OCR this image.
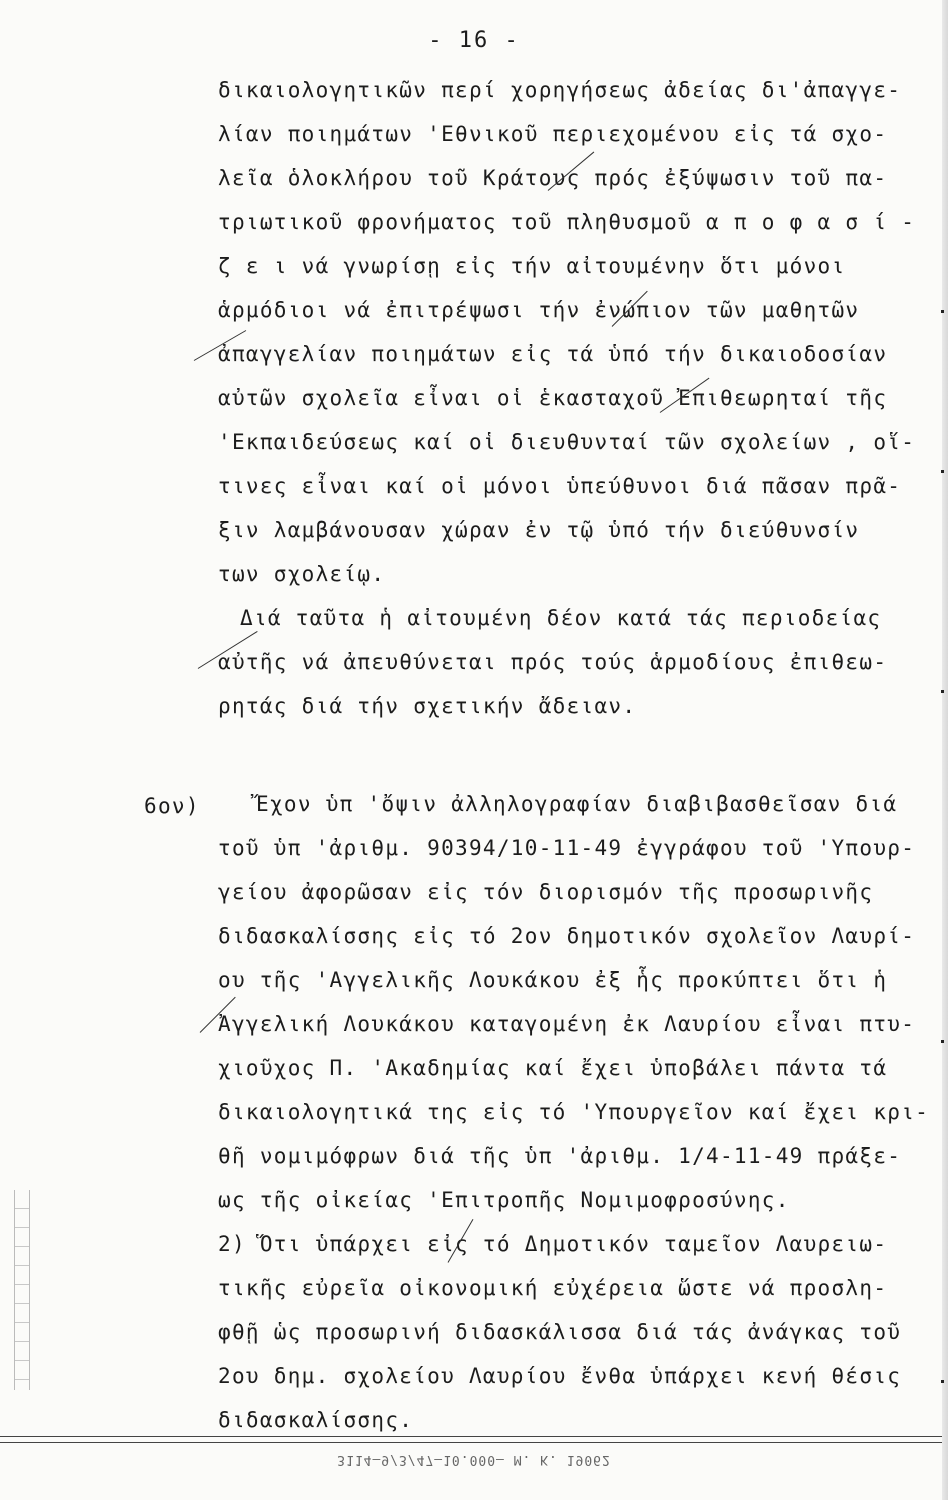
- 16 -
δικαιολογητικῶν περί χορηγήσεως ἀδείας δι'ἀπαγγε-
λίαν ποιημάτων 'Εθνικοῦ περιεχομένου εἰς τά σχο-
λεῖα ὁλοκλήρου τοῦ Κράτους πρός ἐξύψωσιν τοῦ πα-
τριωτικοῦ φρονήματος τοῦ πληθυσμοῦ α π ο φ α σ ί -
ζ ε ι νά γνωρίσῃ εἰς τήν αἰτουμένην ὅτι μόνοι
ἁρμόδιοι νά ἐπιτρέψωσι τήν ἐνώπιον τῶν μαθητῶν
ἀπαγγελίαν ποιημάτων εἰς τά ὑπό τήν δικαιοδοσίαν
αὐτῶν σχολεῖα εἶναι οἱ ἑκασταχοῦ Ἐπιθεωρηταί τῆς
'Εκπαιδεύσεως καί οἱ διευθυνταί τῶν σχολείων , οἵ-
τινες εἶναι καί οἱ μόνοι ὑπεύθυνοι διά πᾶσαν πρᾶ-
ξιν λαμβάνουσαν χώραν ἐν τῷ ὑπό τήν διεύθυνσίν
των σχολείῳ.
Διά ταῦτα ἡ αἰτουμένη δέον κατά τάς περιοδείας
αὐτῆς νά ἀπευθύνεται πρός τούς ἁρμοδίους ἐπιθεω-
ρητάς διά τήν σχετικήν ἄδειαν.
6ον)	Ἔχον ὑπ 'ὄψιν ἀλληλογραφίαν διαβιβασθεῖσαν διά
τοῦ ὑπ 'ἀριθμ. 90394/10-11-49 ἐγγράφου τοῦ 'Υπουρ-
γείου ἀφορῶσαν εἰς τόν διορισμόν τῆς προσωρινῆς
διδασκαλίσσης εἰς τό 2ον δημοτικόν σχολεῖον Λαυρί-
ου τῆς 'Αγγελικῆς Λουκάκου ἐξ ἧς προκύπτει ὅτι ἡ
Ἀγγελική Λουκάκου καταγομένη ἐκ Λαυρίου εἶναι πτυ-
χιοῦχος Π. 'Ακαδημίας καί ἔχει ὑποβάλει πάντα τά
δικαιολογητικά της εἰς τό 'Υπουργεῖον καί ἔχει κρι-
θῆ νομιμόφρων διά τῆς ὑπ 'ἀριθμ. 1/4-11-49 πράξε-
ως τῆς οἰκείας 'Επιτροπῆς Νομιμοφροσύνης.
2) Ὅτι ὑπάρχει εἰς τό Δημοτικόν ταμεῖον Λαυρειω-
τικῆς εὐρεῖα οἰκονομική εὐχέρεια ὥστε νά προσλη-
φθῇ ὡς προσωρινή διδασκάλισσα διά τάς ἀνάγκας τοῦ
2ου δημ. σχολείου Λαυρίου ἔνθα ὑπάρχει κενή θέσις
διδασκαλίσσης.
3114—9/3/47—10.000— Μ. Κ. 19062
